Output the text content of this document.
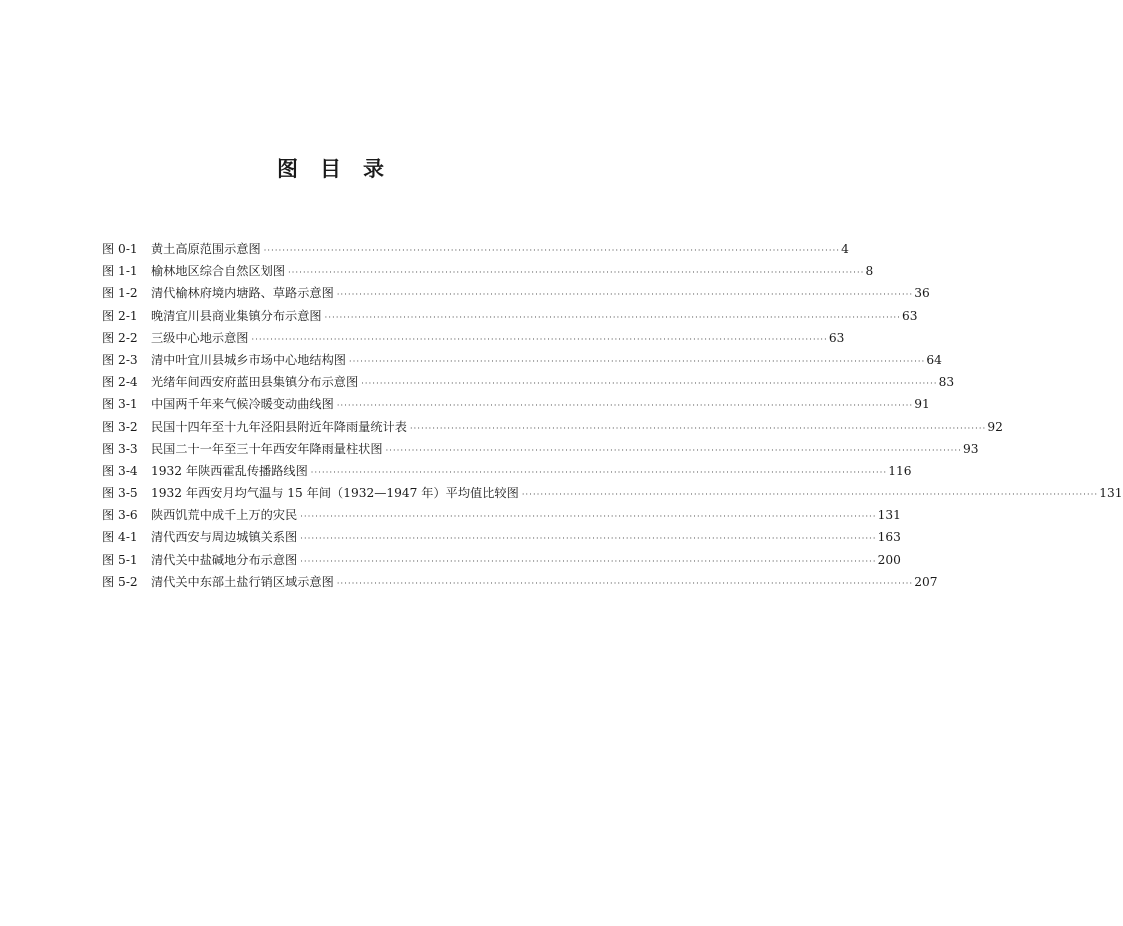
图目录
图 0-1	黄土高原范围示意图 ·····	4
图 1-1	榆林地区综合自然区划图 ·····	8
图 1-2	清代榆林府境内塘路、草路示意图 ·····	36
图 2-1	晚清宜川县商业集镇分布示意图 ·····	63
图 2-2	三级中心地示意图 ·····	63
图 2-3	清中叶宜川县城乡市场中心地结构图 ·····	64
图 2-4	光绪年间西安府蓝田县集镇分布示意图 ·····	83
图 3-1	中国两千年来气候冷暖变动曲线图 ·····	91
图 3-2	民国十四年至十九年泾阳县附近年降雨量统计表 ·····	92
图 3-3	民国二十一年至三十年西安年降雨量柱状图 ·····	93
图 3-4	1932 年陕西霍乱传播路线图 ·····	116
图 3-5	1932 年西安月均气温与 15 年间（1932—1947 年）平均值比较图 ·····	131
图 3-6	陕西饥荒中成千上万的灾民 ·····	131
图 4-1	清代西安与周边城镇关系图 ·····	163
图 5-1	清代关中盐碱地分布示意图 ·····	200
图 5-2	清代关中东部土盐行销区域示意图 ·····	207
